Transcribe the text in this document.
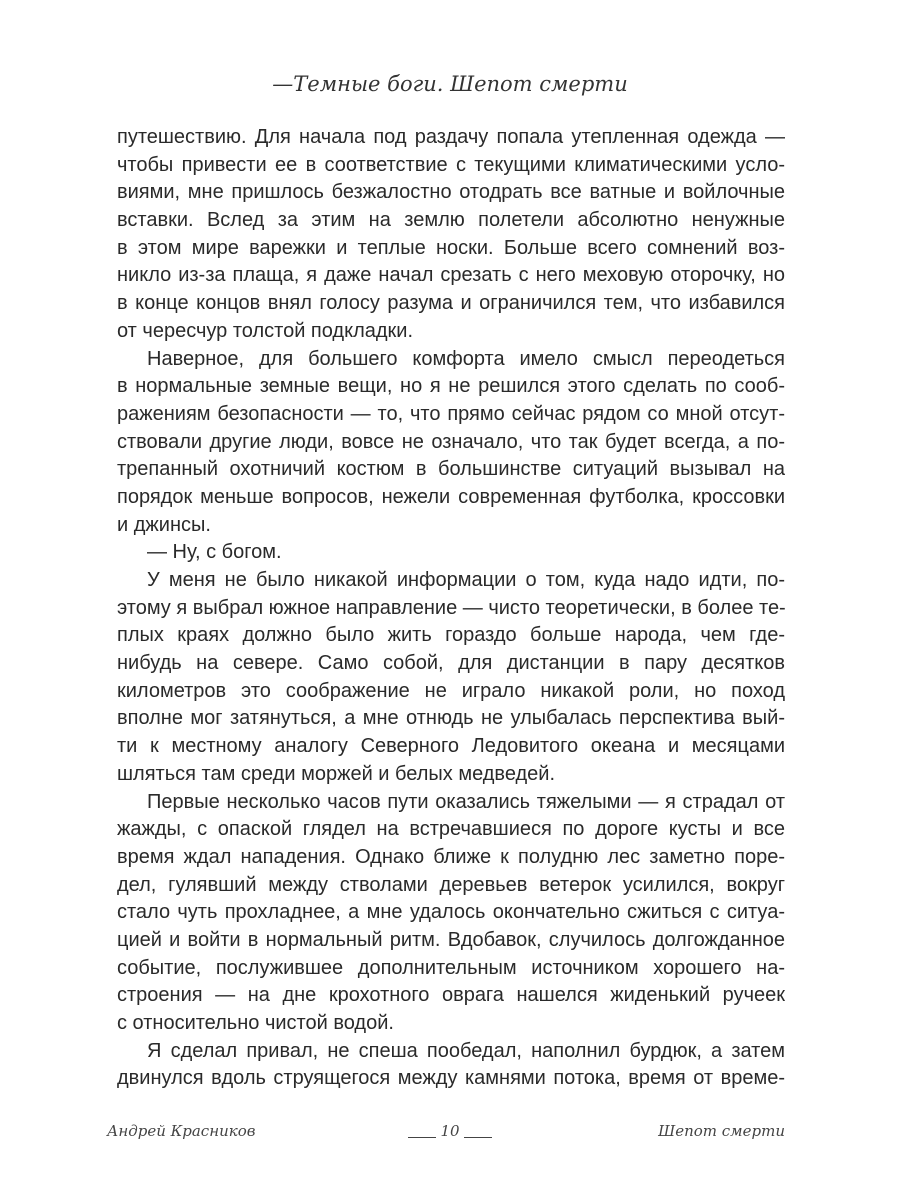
—Темные боги. Шепот смерти
путешествию. Для начала под раздачу попала утепленная одежда —
чтобы привести ее в соответствие с текущими климатическими усло-
виями, мне пришлось безжалостно отодрать все ватные и войлочные
вставки. Вслед за этим на землю полетели абсолютно ненужные
в этом мире варежки и теплые носки. Больше всего сомнений воз-
никло из-за плаща, я даже начал срезать с него меховую оторочку, но
в конце концов внял голосу разума и ограничился тем, что избавился
от чересчур толстой подкладки.
Наверное, для большего комфорта имело смысл переодеться
в нормальные земные вещи, но я не решился этого сделать по сооб-
ражениям безопасности — то, что прямо сейчас рядом со мной отсут-
ствовали другие люди, вовсе не означало, что так будет всегда, а по-
трепанный охотничий костюм в большинстве ситуаций вызывал на
порядок меньше вопросов, нежели современная футболка, кроссовки
и джинсы.
— Ну, с богом.
У меня не было никакой информации о том, куда надо идти, по-
этому я выбрал южное направление — чисто теоретически, в более те-
плых краях должно было жить гораздо больше народа, чем где-
нибудь на севере. Само собой, для дистанции в пару десятков
километров это соображение не играло никакой роли, но поход
вполне мог затянуться, а мне отнюдь не улыбалась перспектива вый-
ти к местному аналогу Северного Ледовитого океана и месяцами
шляться там среди моржей и белых медведей.
Первые несколько часов пути оказались тяжелыми — я страдал от
жажды, с опаской глядел на встречавшиеся по дороге кусты и все
время ждал нападения. Однако ближе к полудню лес заметно поре-
дел, гулявший между стволами деревьев ветерок усилился, вокруг
стало чуть прохладнее, а мне удалось окончательно сжиться с ситуа-
цией и войти в нормальный ритм. Вдобавок, случилось долгожданное
событие, послужившее дополнительным источником хорошего на-
строения — на дне крохотного оврага нашелся жиденький ручеек
с относительно чистой водой.
Я сделал привал, не спеша пообедал, наполнил бурдюк, а затем
двинулся вдоль струящегося между камнями потока, время от време-
Андрей Красников	10	Шепот смерти
